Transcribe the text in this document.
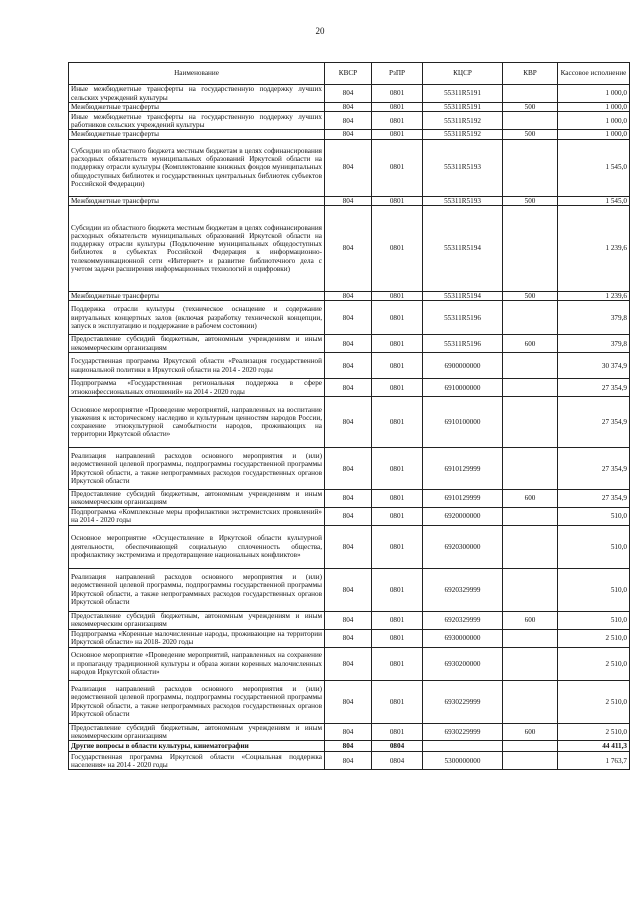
20
Наименование	КВСР	РзПР	КЦСР	КВР	Кассовое исполнение
Иные межбюджетные трансферты на государственную поддержку лучших сельских учреждений культуры	804	0801	55311R5191		1 000,0
Межбюджетные трансферты	804	0801	55311R5191	500	1 000,0
Иные межбюджетные трансферты на государственную поддержку лучших работников сельских учреждений культуры	804	0801	55311R5192		1 000,0
Межбюджетные трансферты	804	0801	55311R5192	500	1 000,0
Субсидии из областного бюджета местным бюджетам в целях софинансирования расходных обязательств муниципальных образований Иркутской области на поддержку отрасли культуры (Комплектование книжных фондов муниципальных общедоступных библиотек и государственных центральных библиотек субъектов Российской Федерации)	804	0801	55311R5193		1 545,0
Межбюджетные трансферты	804	0801	55311R5193	500	1 545,0
Субсидии из областного бюджета местным бюджетам в целях софинансирования расходных обязательств муниципальных образований Иркутской области на поддержку отрасли культуры (Подключение муниципальных общедоступных библиотек в субъектах Российской Федерация к информационно-телекоммуникационной сети «Интернет» и развитие библиотечного дела с учетом задачи расширения информационных технологий и оцифровки)	804	0801	55311R5194		1 239,6
Межбюджетные трансферты	804	0801	55311R5194	500	1 239,6
Поддержка отрасли культуры (техническое оснащение и содержание виртуальных концертных залов (включая разработку технической концепции, запуск в эксплуатацию и поддержание в рабочем состоянии)	804	0801	55311R5196		379,8
Предоставление субсидий бюджетным, автономным учреждениям и иным некоммерческим организациям	804	0801	55311R5196	600	379,8
Государственная программа Иркутской области «Реализация государственной национальной политики в Иркутской области на 2014 - 2020 годы	804	0801	6900000000		30 374,9
Подпрограмма «Государственная региональная поддержка в сфере этноконфессиональных отношений» на 2014 - 2020 годы	804	0801	6910000000		27 354,9
Основное мероприятие «Проведение мероприятий, направленных на воспитание уважения к историческому наследию и культурным ценностям народов России, сохранение этнокультурной самобытности народов, проживающих на территории Иркутской области»	804	0801	6910100000		27 354,9
Реализация направлений расходов основного мероприятия и (или) ведомственной целевой программы, подпрограммы государственной программы Иркутской области, а также непрограммных расходов государственных органов Иркутской области	804	0801	6910129999		27 354,9
Предоставление субсидий бюджетным, автономным учреждениям и иным некоммерческим организациям	804	0801	6910129999	600	27 354,9
Подпрограмма «Комплексные меры профилактики экстремистских проявлений» на 2014 - 2020 годы	804	0801	6920000000		510,0
Основное мероприятие «Осуществление в Иркутской области культурной деятельности, обеспечивающей социальную сплоченность общества, профилактику экстремизма и предотвращение национальных конфликтов»	804	0801	6920300000		510,0
Реализация направлений расходов основного мероприятия и (или) ведомственной целевой программы, подпрограммы государственной программы Иркутской области, а также непрограммных расходов государственных органов Иркутской области	804	0801	6920329999		510,0
Предоставление субсидий бюджетным, автономным учреждениям и иным некоммерческим организациям	804	0801	6920329999	600	510,0
Подпрограмма «Коренные малочисленные народы, проживающие на территории Иркутской области» на 2018- 2020 годы	804	0801	6930000000		2 510,0
Основное мероприятие «Проведение мероприятий, направленных на сохранение и пропаганду традиционной культуры и образа жизни коренных малочисленных народов Иркутской области»	804	0801	6930200000		2 510,0
Реализация направлений расходов основного мероприятия и (или) ведомственной целевой программы, подпрограммы государственной программы Иркутской области, а также непрограммных расходов государственных органов Иркутской области	804	0801	6930229999		2 510,0
Предоставление субсидий бюджетным, автономным учреждениям и иным некоммерческим организациям	804	0801	6930229999	600	2 510,0
Другие вопросы в области культуры, кинематографии	804	0804			44 411,3
Государственная программа Иркутской области «Социальная поддержка населения» на 2014 - 2020 годы	804	0804	5300000000		1 763,7
